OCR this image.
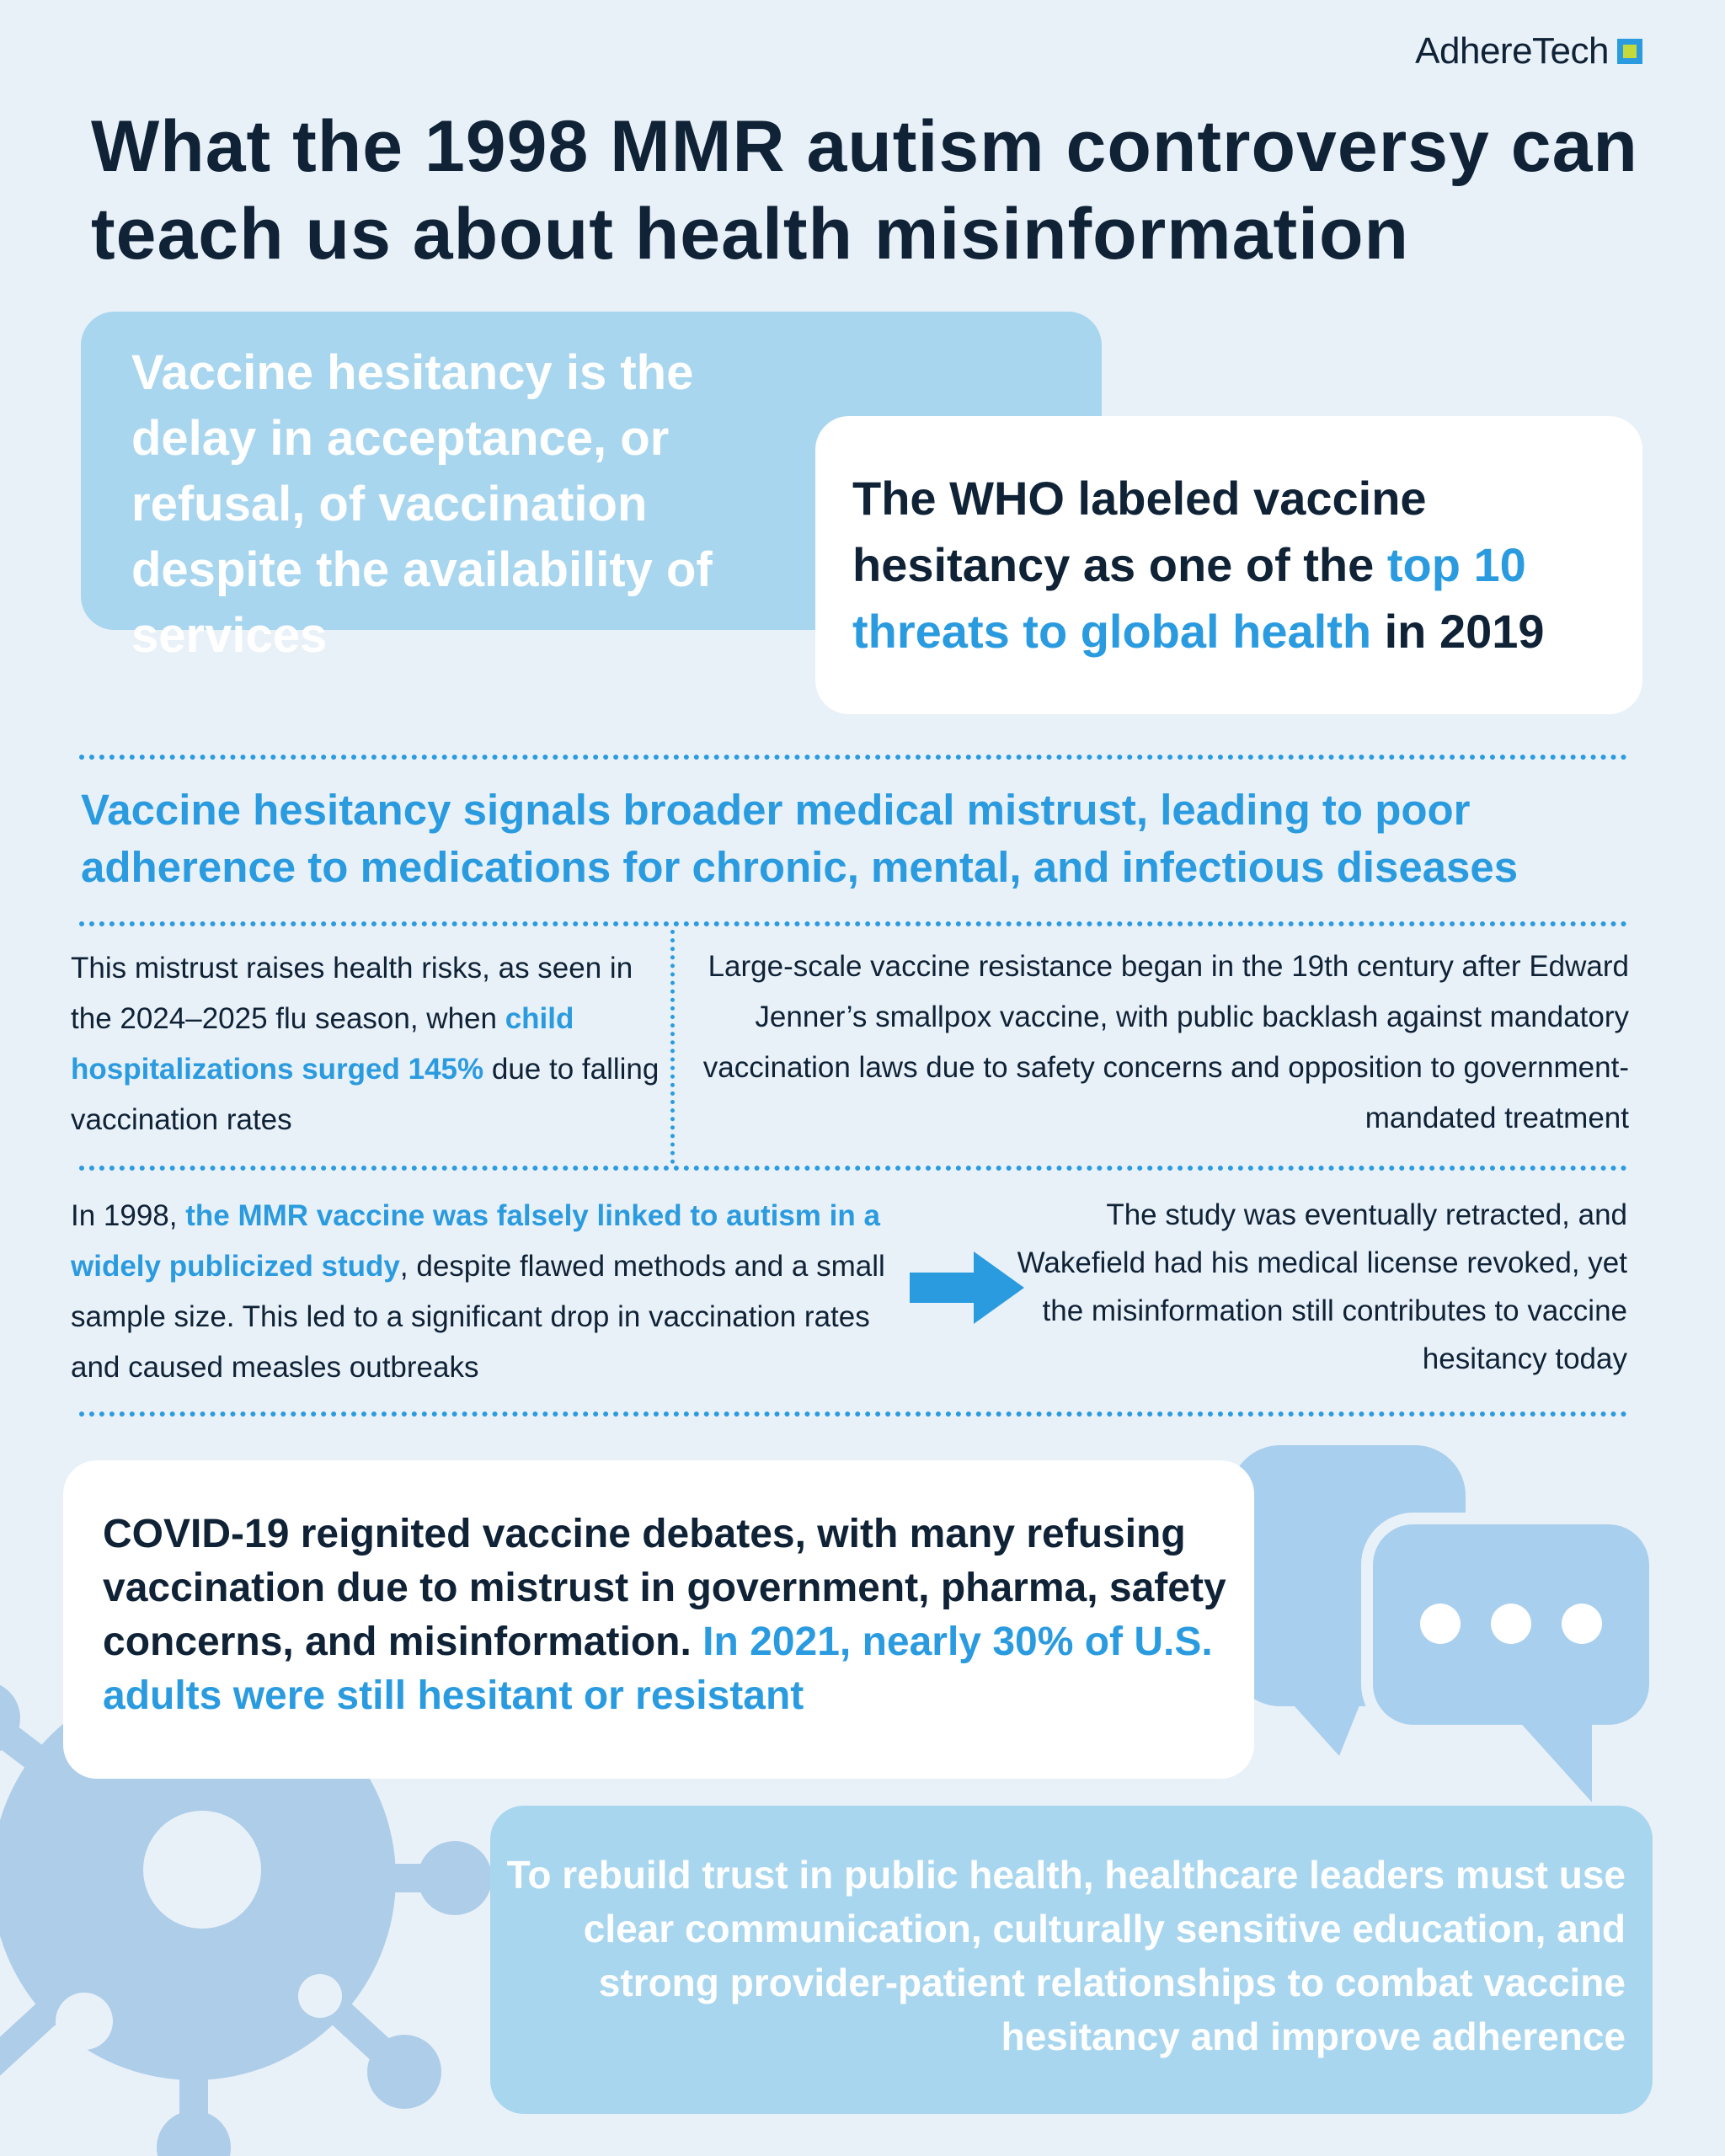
AdhereTech
What the 1998 MMR autism controversy can teach us about health misinformation
Vaccine hesitancy is the delay in acceptance, or refusal, of vaccination despite the availability of services
The WHO labeled vaccine hesitancy as one of the top 10 threats to global health in 2019
Vaccine hesitancy signals broader medical mistrust, leading to poor adherence to medications for chronic, mental, and infectious diseases
This mistrust raises health risks, as seen in the 2024–2025 flu season, when child hospitalizations surged 145% due to falling vaccination rates
Large-scale vaccine resistance began in the 19th century after Edward Jenner’s smallpox vaccine, with public backlash against mandatory vaccination laws due to safety concerns and opposition to government-mandated treatment
In 1998, the MMR vaccine was falsely linked to autism in a widely publicized study, despite flawed methods and a small sample size. This led to a significant drop in vaccination rates and caused measles outbreaks
The study was eventually retracted, and Wakefield had his medical license revoked, yet the misinformation still contributes to vaccine hesitancy today
COVID-19 reignited vaccine debates, with many refusing vaccination due to mistrust in government, pharma, safety concerns, and misinformation. In 2021, nearly 30% of U.S. adults were still hesitant or resistant
To rebuild trust in public health, healthcare leaders must use clear communication, culturally sensitive education, and strong provider-patient relationships to combat vaccine hesitancy and improve adherence
